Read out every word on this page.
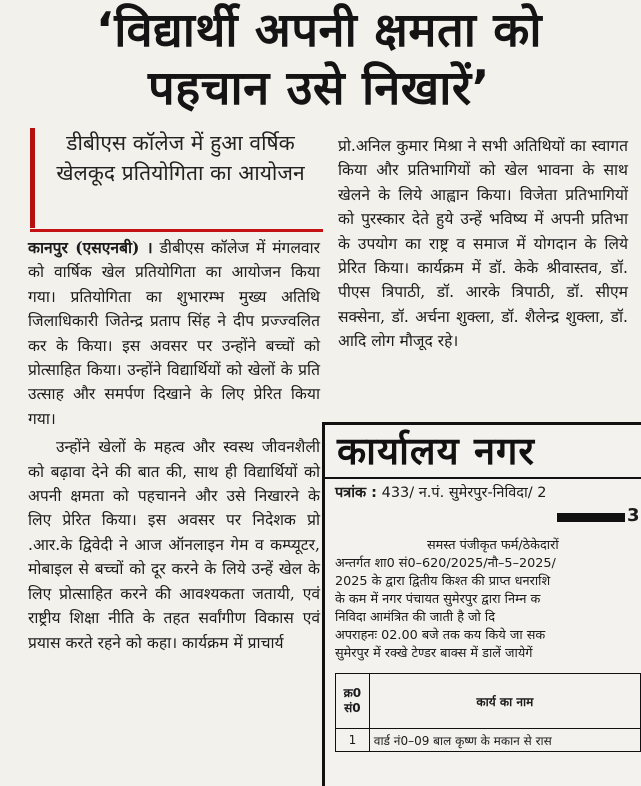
‘विद्यार्थी अपनी क्षमता को
पहचान उसे निखारें’
डीबीएस कॉलेज में हुआ वर्षिक खेलकूद प्रतियोगिता का आयोजन

कानपुर (एसएनबी) । डीबीएस कॉलेज में मंगलवार को वार्षिक खेल प्रतियोगिता का आयोजन किया गया। प्रतियोगिता का शुभारम्भ मुख्य अतिथि जिलाधिकारी जितेन्द्र प्रताप सिंह ने दीप प्रज्ज्वलित कर के किया। इस अवसर पर उन्होंने बच्चों को प्रोत्साहित किया। उन्होंने विद्यार्थियों को खेलों के प्रति उत्साह और समर्पण दिखाने के लिए प्रेरित किया गया।

उन्होंने खेलों के महत्व और स्वस्थ जीवनशैली को बढ़ावा देने की बात की, साथ ही विद्यार्थियों को अपनी क्षमता को पहचानने और उसे निखारने के लिए प्रेरित किया। इस अवसर पर निदेशक प्रो .आर.के द्विवेदी ने आज ऑनलाइन गेम व कम्प्यूटर, मोबाइल से बच्चों को दूर करने के लिये उन्हें खेल के लिए प्रोत्साहित करने की आवश्यकता जतायी, एवं राष्ट्रीय शिक्षा नीति के तहत सर्वांगीण विकास एवं प्रयास करते रहने को कहा। कार्यक्रम में प्राचार्य

प्रो.अनिल कुमार मिश्रा ने सभी अतिथियों का स्वागत किया और प्रतिभागियों को खेल भावना के साथ खेलने के लिये आह्वान किया। विजेता प्रतिभागियों को पुरस्कार देते हुये उन्हें भविष्य में अपनी प्रतिभा के उपयोग का राष्ट्र व समाज में योगदान के लिये प्रेरित किया। कार्यक्रम में डॉ. केके श्रीवास्तव, डॉ. पीएस त्रिपाठी, डॉ. आरके त्रिपाठी, डॉ. सीएम सक्सेना, डॉ. अर्चना शुक्ला, डॉ. शैलेन्द्र शुक्ला, डॉ. आदि लोग मौजूद रहे।

कार्यालय नगर
पत्रांक : 433/ न.पं. सुमेरपुर-निविदा/ 2
3
समस्त पंजीकृत फर्म/ठेकेदारों
अन्तर्गत शा0 सं0–620/2025/नौ–5–2025/
2025 के द्वारा द्वितीय किश्त की प्राप्त धनराशि
के कम में नगर पंचायत सुमेरपुर द्वारा निम्न क
निविदा आमंत्रित की जाती है जो दि
अपराहनः 02.00 बजे तक कय किये जा सक
सुमेरपुर में रक्खे टेण्डर बाक्स में डालें जायेगें
क्र0 सं0	कार्य का नाम
1	वार्ड नं0–09 बाल कृष्ण के मकान से रास
